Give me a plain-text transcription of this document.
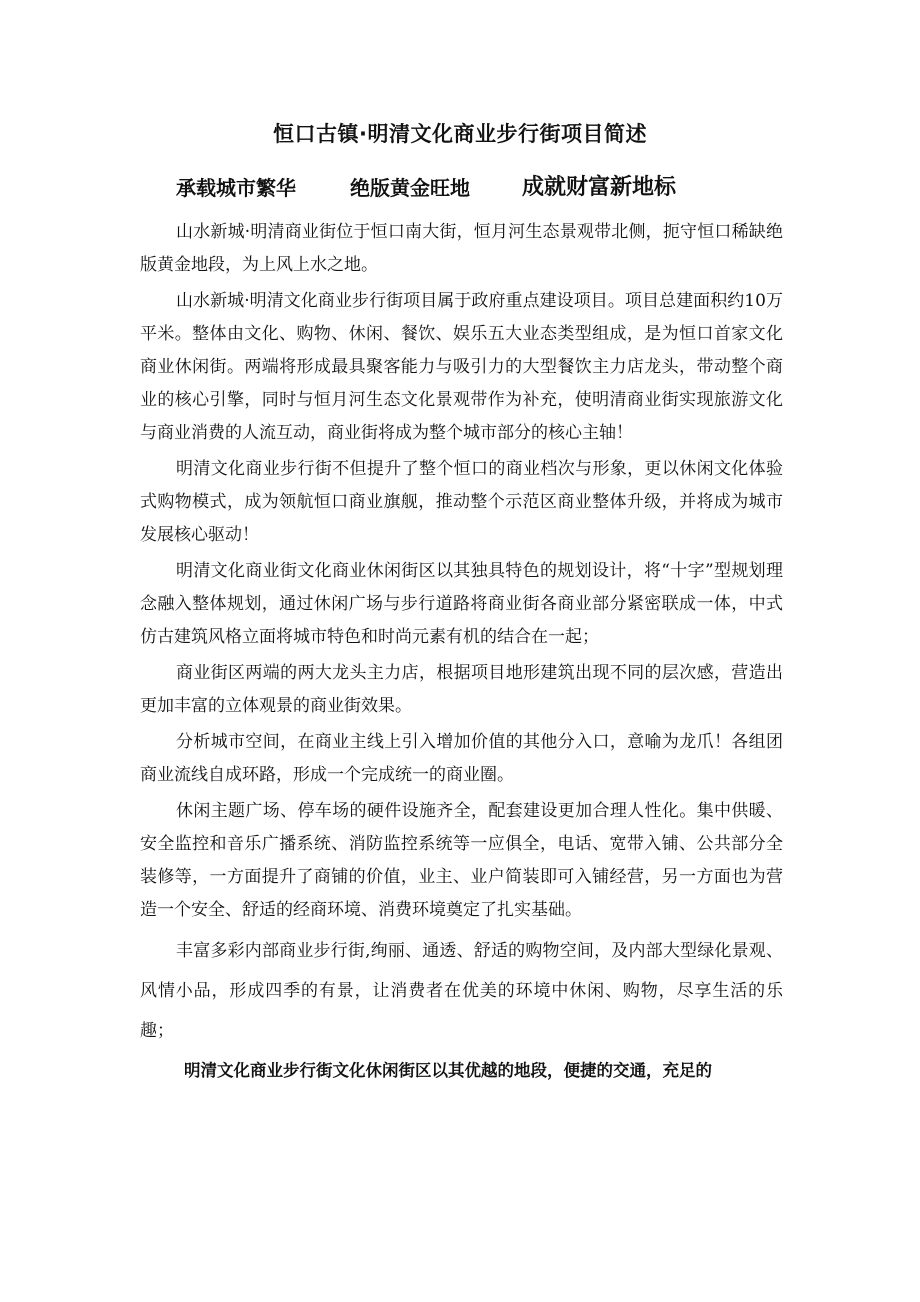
恒口古镇·明清文化商业步行街项目简述
承载城市繁华	绝版黄金旺地 成就财富新地标

山水新城·明清商业街位于恒口南大街，恒月河生态景观带北侧，扼守恒口稀缺绝版黄金地段，为上风上水之地。

山水新城·明清文化商业步行街项目属于政府重点建设项目。项目总建面积约10万平米。整体由文化、购物、休闲、餐饮、娱乐五大业态类型组成，是为恒口首家文化商业休闲街。两端将形成最具聚客能力与吸引力的大型餐饮主力店龙头，带动整个商业的核心引擎，同时与恒月河生态文化景观带作为补充，使明清商业街实现旅游文化与商业消费的人流互动，商业街将成为整个城市部分的核心主轴！

明清文化商业步行街不但提升了整个恒口的商业档次与形象，更以休闲文化体验式购物模式，成为领航恒口商业旗舰，推动整个示范区商业整体升级，并将成为城市发展核心驱动！

明清文化商业街文化商业休闲街区以其独具特色的规划设计，将“十字”型规划理念融入整体规划，通过休闲广场与步行道路将商业街各商业部分紧密联成一体，中式仿古建筑风格立面将城市特色和时尚元素有机的结合在一起；

商业街区两端的两大龙头主力店，根据项目地形建筑出现不同的层次感，营造出更加丰富的立体观景的商业街效果。

分析城市空间，在商业主线上引入增加价值的其他分入口，意喻为龙爪！各组团商业流线自成环路，形成一个完成统一的商业圈。

休闲主题广场、停车场的硬件设施齐全，配套建设更加合理人性化。集中供暖、安全监控和音乐广播系统、消防监控系统等一应俱全，电话、宽带入铺、公共部分全装修等，一方面提升了商铺的价值，业主、业户简装即可入铺经营，另一方面也为营造一个安全、舒适的经商环境、消费环境奠定了扎实基础。

丰富多彩内部商业步行街,绚丽、通透、舒适的购物空间，及内部大型绿化景观、风情小品，形成四季的有景，让消费者在优美的环境中休闲、购物，尽享生活的乐趣；

明清文化商业步行街文化休闲街区以其优越的地段，便捷的交通，充足的
